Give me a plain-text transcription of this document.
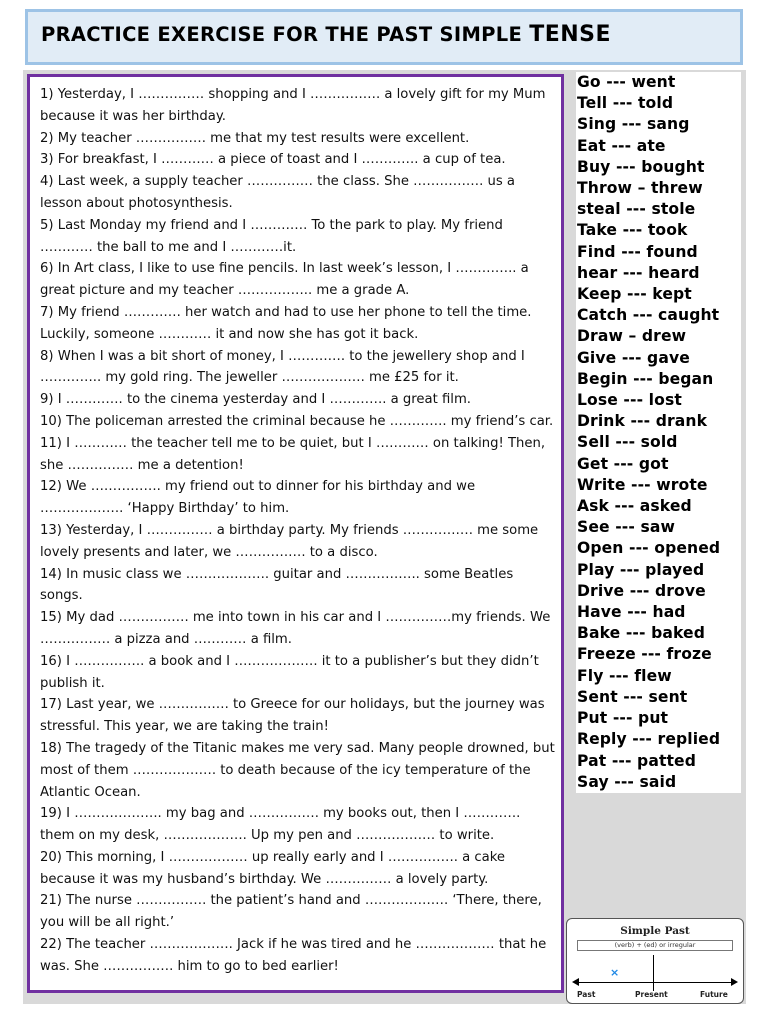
PRACTICE EXERCISE FOR THE PAST SIMPLE TENSE
1) Yesterday, I …………… shopping and I ……………. a lovely gift for my Mum because it was her birthday.
2) My teacher ……………. me that my test results were excellent.
3) For breakfast, I ………… a piece of toast and I …………. a cup of tea.
4) Last week, a supply teacher …………… the class. She ……………. us a lesson about photosynthesis.
5) Last Monday my friend and I …………. To the park to play. My friend ………… the ball to me and I …………it.
6) In Art class, I like to use fine pencils. In last week’s lesson, I ………….. a great picture and my teacher …………….. me a grade A.
7) My friend …………. her watch and had to use her phone to tell the time. Luckily, someone ………… it and now she has got it back.
8) When I was a bit short of money, I …………. to the jewellery shop and I ………….. my gold ring. The jeweller ………………. me £25 for it.
9) I …………. to the cinema yesterday and I …………. a great film.
10) The policeman arrested the criminal because he …………. my friend’s car.
11) I ………… the teacher tell me to be quiet, but I ………… on talking! Then, she …………… me a detention!
12) We ……………. my friend out to dinner for his birthday and we ………………. ‘Happy Birthday’ to him.
13) Yesterday, I …………… a birthday party. My friends ……………. me some lovely presents and later, we ……………. to a disco.
14) In music class we ………………. guitar and …………….. some Beatles songs.
15) My dad ……………. me into town in his car and I ……………my friends. We ……………. a pizza and ………… a film.
16) I ……………. a book and I ………………. it to a publisher’s but they didn’t publish it.
17) Last year, we ……………. to Greece for our holidays, but the journey was stressful. This year, we are taking the train!
18) The tragedy of the Titanic makes me very sad. Many people drowned, but most of them ………………. to death because of the icy temperature of the Atlantic Ocean.
19) I ……………….. my bag and ……………. my books out, then I …………. them on my desk, ………………. Up my pen and ……………… to write.
20) This morning, I ……………… up really early and I ……………. a cake because it was my husband’s birthday. We …………… a lovely party.
21) The nurse ……………. the patient’s hand and ………………. ‘There, there, you will be all right.’
22) The teacher ………………. Jack if he was tired and he ……………… that he was. She ……………. him to go to bed earlier!
Go --- went
Tell --- told
Sing --- sang
Eat --- ate
Buy --- bought
Throw – threw
steal --- stole
Take --- took
Find --- found
hear --- heard
Keep --- kept
Catch --- caught
Draw – drew
Give --- gave
Begin --- began
Lose --- lost
Drink --- drank
Sell --- sold
Get --- got
Write --- wrote
Ask --- asked
See --- saw
Open --- opened
Play --- played
Drive --- drove
Have --- had
Bake --- baked
Freeze --- froze
Fly --- flew
Sent --- sent
Put --- put
Reply --- replied
Pat --- patted
Say --- said
Simple Past
(verb) + (ed) or irregular
×
Past	Present	Future
